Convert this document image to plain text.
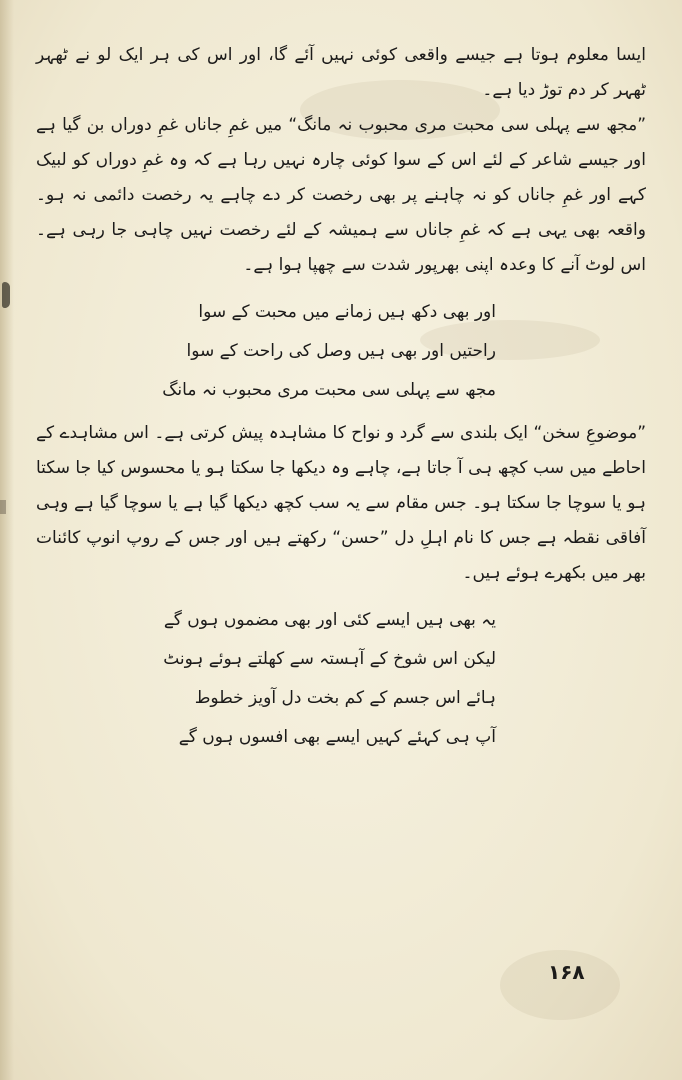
ایسا معلوم ہوتا ہے جیسے واقعی کوئی نہیں آئے گا، اور اس کی ہر ایک لو نے ٹھہر ٹھہر کر دم توڑ دیا ہے۔

”مجھ سے پہلی سی محبت مری محبوب نہ مانگ“ میں غمِ جاناں غمِ دوراں بن گیا ہے اور جیسے شاعر کے لئے اس کے سوا کوئی چارہ نہیں رہا ہے کہ وہ غمِ دوراں کو لبیک کہے اور غمِ جاناں کو نہ چاہنے پر بھی رخصت کر دے چاہے یہ رخصت دائمی نہ ہو۔ واقعہ بھی یہی ہے کہ غمِ جاناں سے ہمیشہ کے لئے رخصت نہیں چاہی جا رہی ہے۔ اس لوٹ آنے کا وعدہ اپنی بھرپور شدت سے چھپا ہوا ہے۔

اور بھی دکھ ہیں زمانے میں محبت کے سوا
راحتیں اور بھی ہیں وصل کی راحت کے سوا
مجھ سے پہلی سی محبت مری محبوب نہ مانگ

”موضوعِ سخن“ ایک بلندی سے گرد و نواح کا مشاہدہ پیش کرتی ہے۔ اس مشاہدے کے احاطے میں سب کچھ ہی آ جاتا ہے، چاہے وہ دیکھا جا سکتا ہو یا محسوس کیا جا سکتا ہو یا سوچا جا سکتا ہو۔ جس مقام سے یہ سب کچھ دیکھا گیا ہے یا سوچا گیا ہے وہی آفاقی نقطہ ہے جس کا نام اہلِ دل ”حسن“ رکھتے ہیں اور جس کے روپ انوپ کائنات بھر میں بکھرے ہوئے ہیں۔

یہ بھی ہیں ایسے کئی اور بھی مضموں ہوں گے
لیکن اس شوخ کے آہستہ سے کھلتے ہوئے ہونٹ
ہائے اس جسم کے کم بخت دل آویز خطوط
آپ ہی کہئے کہیں ایسے بھی افسوں ہوں گے
۱۶۸
